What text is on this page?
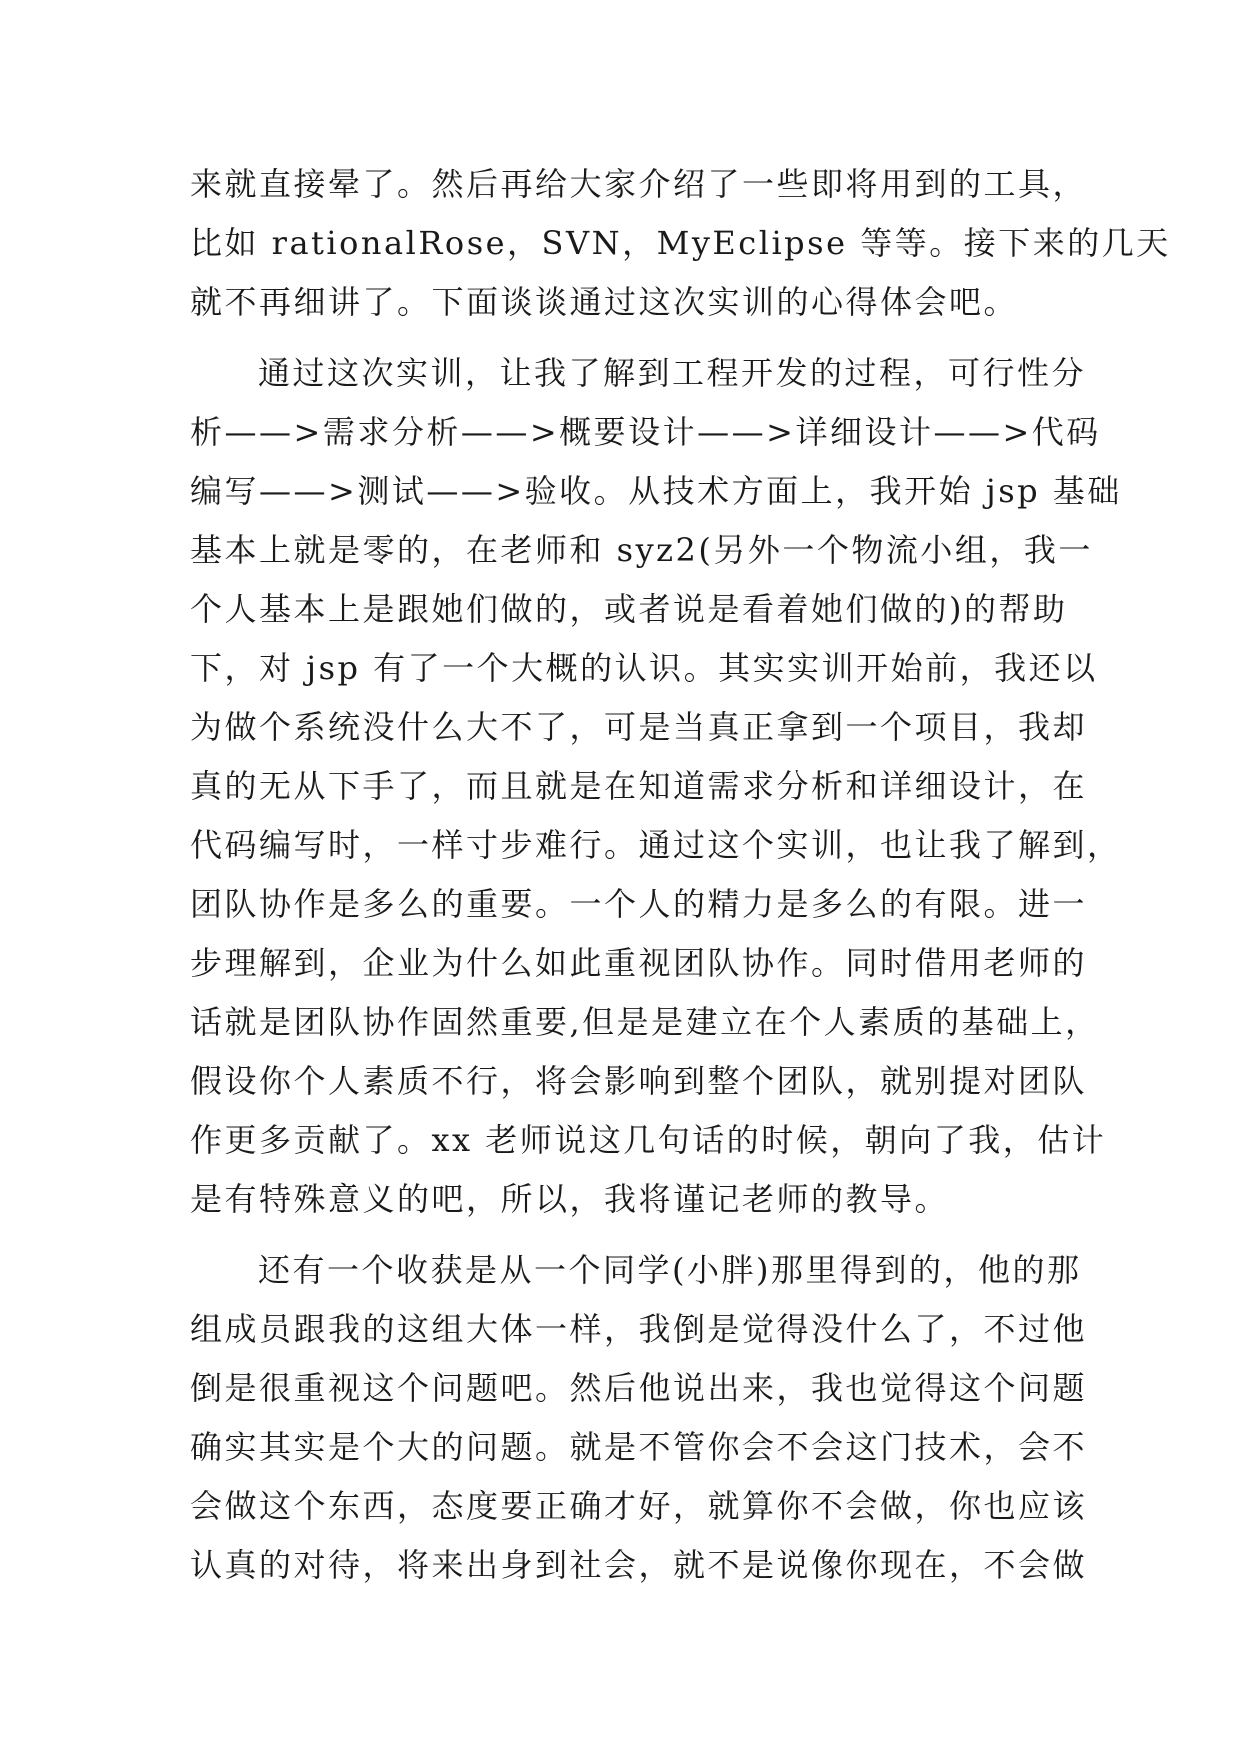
来就直接晕了。然后再给大家介绍了一些即将用到的工具，
比如 rationalRose，SVN，MyEclipse 等等。接下来的几天
就不再细讲了。下面谈谈通过这次实训的心得体会吧。
通过这次实训，让我了解到工程开发的过程，可行性分
析——>需求分析——>概要设计——>详细设计——>代码
编写——>测试——>验收。从技术方面上，我开始 jsp 基础
基本上就是零的，在老师和 syz2(另外一个物流小组，我一
个人基本上是跟她们做的，或者说是看着她们做的)的帮助
下，对 jsp 有了一个大概的认识。其实实训开始前，我还以
为做个系统没什么大不了，可是当真正拿到一个项目，我却
真的无从下手了，而且就是在知道需求分析和详细设计，在
代码编写时，一样寸步难行。通过这个实训，也让我了解到，
团队协作是多么的重要。一个人的精力是多么的有限。进一
步理解到，企业为什么如此重视团队协作。同时借用老师的
话就是团队协作固然重要,但是是建立在个人素质的基础上，
假设你个人素质不行，将会影响到整个团队，就别提对团队
作更多贡献了。xx 老师说这几句话的时候，朝向了我，估计
是有特殊意义的吧，所以，我将谨记老师的教导。
还有一个收获是从一个同学(小胖)那里得到的，他的那
组成员跟我的这组大体一样，我倒是觉得没什么了，不过他
倒是很重视这个问题吧。然后他说出来，我也觉得这个问题
确实其实是个大的问题。就是不管你会不会这门技术，会不
会做这个东西，态度要正确才好，就算你不会做，你也应该
认真的对待，将来出身到社会，就不是说像你现在，不会做
